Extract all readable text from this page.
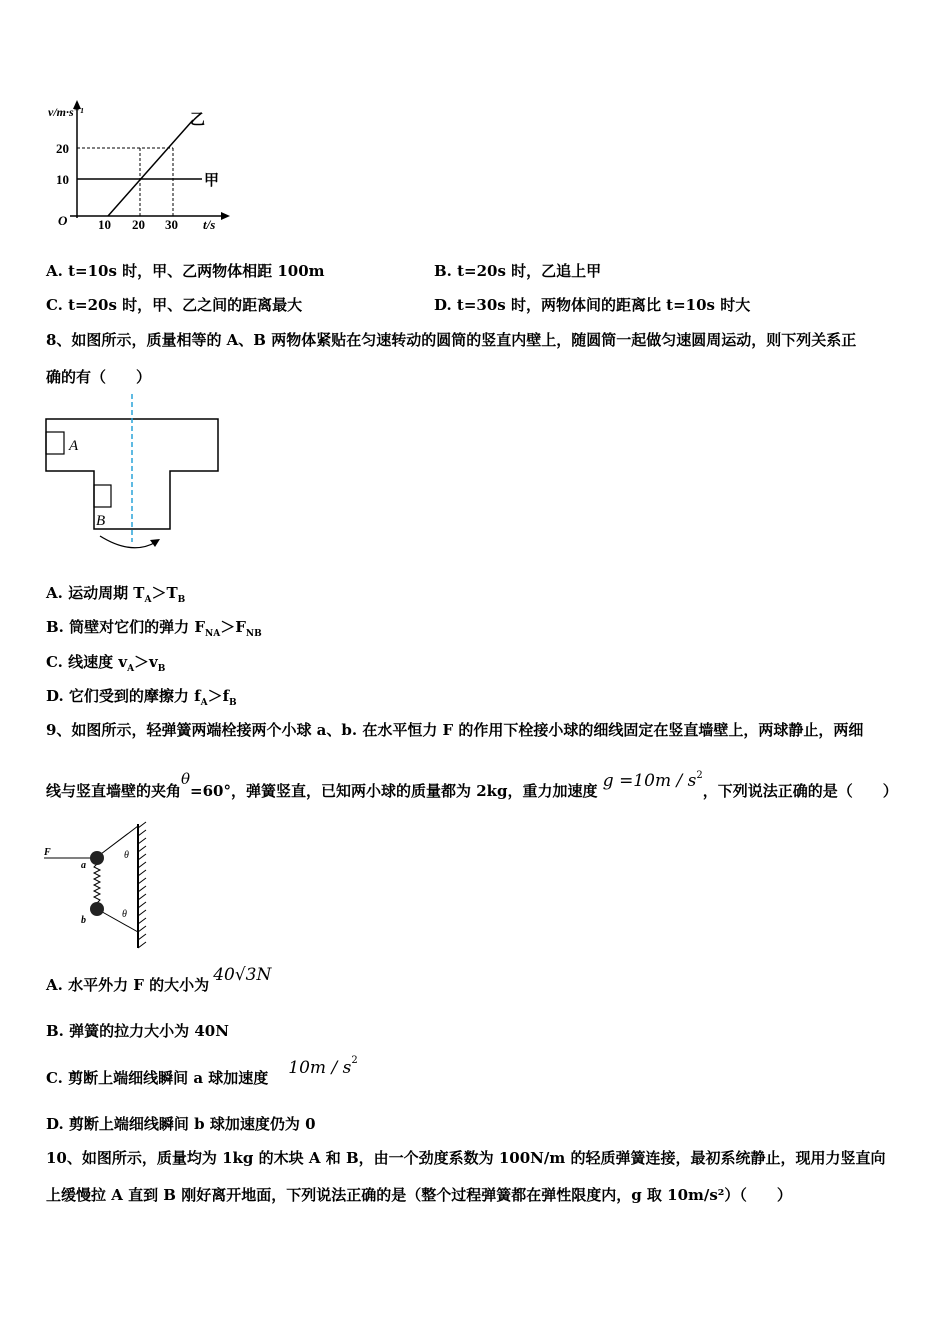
v/m·s⁻¹
t/s
O
20
10
10 20 30
甲
乙
A. t=10s 时，甲、乙两物体相距 100m	B. t=20s 时，乙追上甲
C. t=20s 时，甲、乙之间的距离最大	D. t=30s 时，两物体间的距离比 t=10s 时大
8、如图所示，质量相等的 A、B 两物体紧贴在匀速转动的圆筒的竖直内壁上，随圆筒一起做匀速圆周运动，则下列关系正
确的有（　　）
A
B
A. 运动周期 $T_A>T_B$
B. 筒壁对它们的弹力 $F_{NA}>F_{NB}$
C. 线速度 $v_A>v_B$
D. 它们受到的摩擦力 $f_A>f_B$
9、如图所示，轻弹簧两端栓接两个小球 a、b. 在水平恒力 F 的作用下栓接小球的细线固定在竖直墙壁上，两球静止，两细
线与竖直墙壁的夹角θ=60°，弹簧竖直，已知两小球的质量都为 2kg，重力加速度 $g =10m / s^2$，下列说法正确的是（　　）
F
a
b
θ
θ
A. 水平外力 F 的大小为 40√3N
B. 弹簧的拉力大小为 40N
C. 剪断上端细线瞬间 a 球加速度 $10m / s^2$
D. 剪断上端细线瞬间 b 球加速度仍为 0
10、如图所示，质量均为 1kg 的木块 A 和 B，由一个劲度系数为 100N/m 的轻质弹簧连接，最初系统静止，现用力竖直向
上缓慢拉 A 直到 B 刚好离开地面，下列说法正确的是（整个过程弹簧都在弹性限度内，g 取 10m/s²）（　　）
